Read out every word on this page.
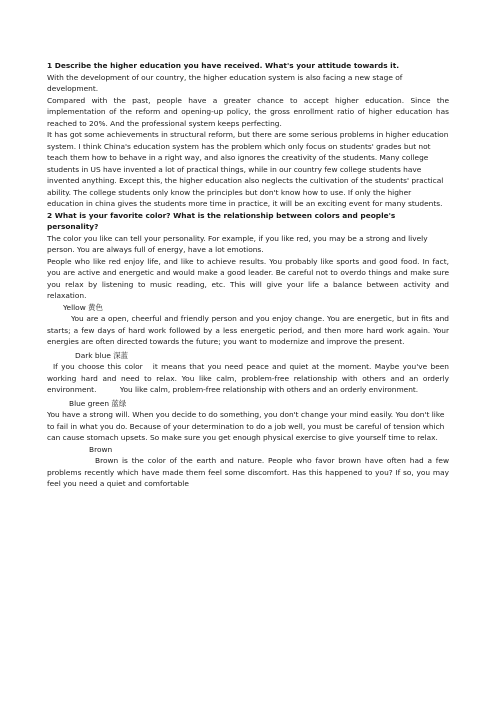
1 Describe the higher education you have received. What's your attitude towards it.

With the development of our country, the higher education system is also facing a new stage of development.

Compared with the past, people have a greater chance to accept higher education. Since the implementation of the reform and opening-up policy, the gross enrollment ratio of higher education has reached to 20%. And the professional system keeps perfecting.

It has got some achievements in structural reform, but there are some serious problems in higher education system. I think China's education system has the problem which only focus on students' grades but not teach them how to behave in a right way, and also ignores the creativity of the students. Many college students in US have invented a lot of practical things, while in our country few college students have invented anything. Except this, the higher education also neglects the cultivation of the students' practical ability. The college students only know the principles but don't know how to use. If only the higher education in china gives the students more time in practice, it will be an exciting event for many students.

2 What is your favorite color? What is the relationship between colors and people's personality?

The color you like can tell your personality. For example, if you like red, you may be a strong and lively person. You are always full of energy, have a lot emotions.

People who like red enjoy life, and like to achieve results. You probably like sports and good food. In fact, you are active and energetic and would make a good leader. Be careful not to overdo things and make sure you relax by listening to music reading, etc. This will give your life a balance between activity and relaxation.

Yellow 黄色

You are a open, cheerful and friendly person and you enjoy change. You are energetic, but in fits and starts; a few days of hard work followed by a less energetic period, and then more hard work again. Your energies are often directed towards the future; you want to modernize and improve the present.

Dark blue 深蓝

If you choose this color   it means that you need peace and quiet at the moment. Maybe you've been working hard and need to relax. You like calm, problem-free relationship with others and an orderly environment.          You like calm, problem-free relationship with others and an orderly environment.

Blue green 蓝绿

You have a strong will. When you decide to do something, you don't change your mind easily. You don't like to fail in what you do. Because of your determination to do a job well, you must be careful of tension which can cause stomach upsets. So make sure you get enough physical exercise to give yourself time to relax.

Brown

Brown is the color of the earth and nature. People who favor brown have often had a few problems recently which have made them feel some discomfort. Has this happened to you? If so, you may feel you need a quiet and comfortable
